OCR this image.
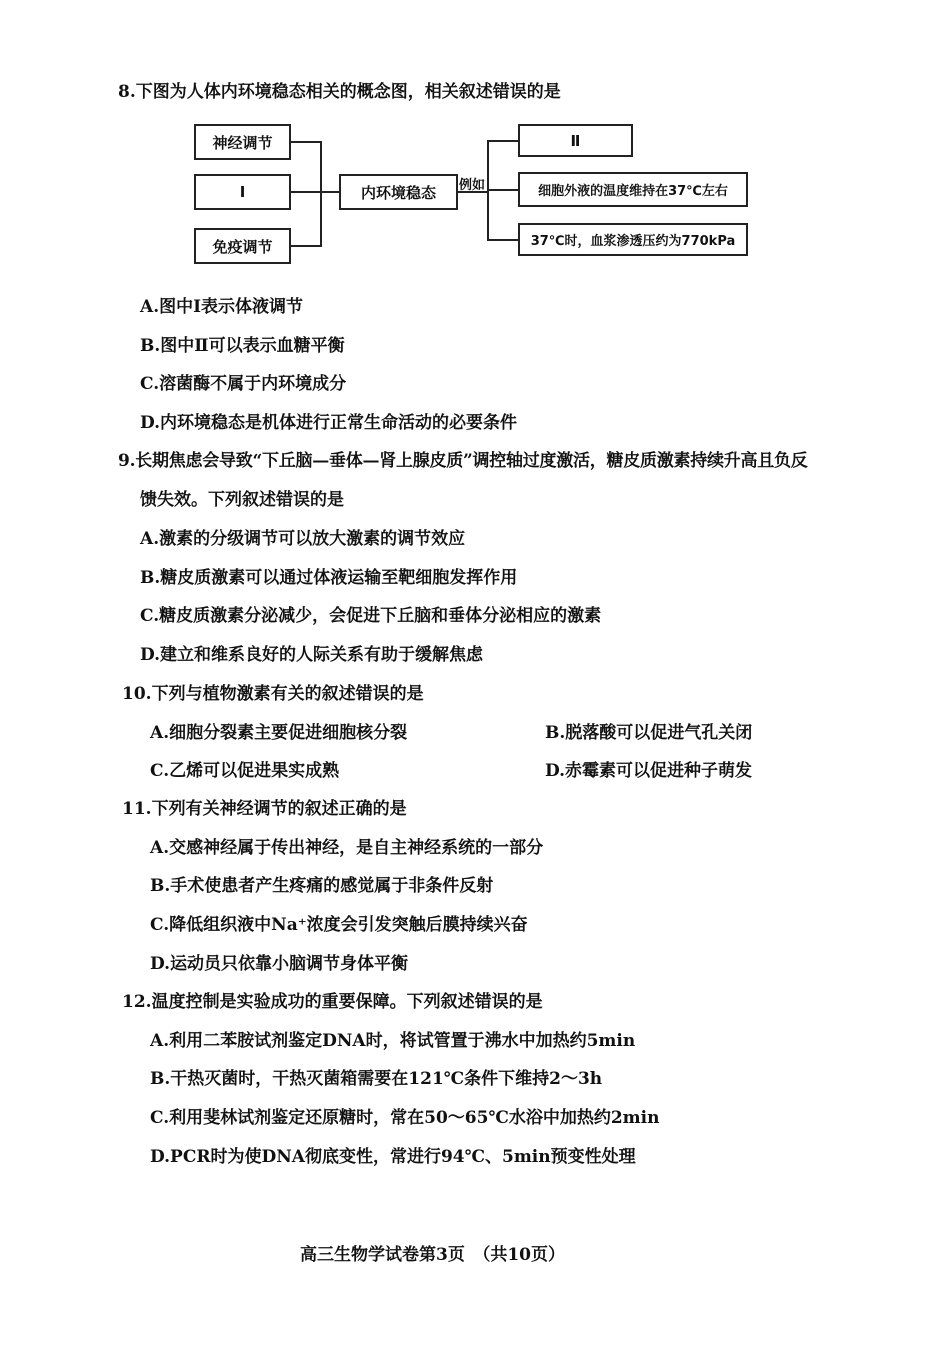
8.下图为人体内环境稳态相关的概念图，相关叙述错误的是
神经调节
Ⅰ
免疫调节
内环境稳态	例如
Ⅱ
细胞外液的温度维持在37℃左右
37℃时，血浆渗透压约为770kPa
A.图中Ⅰ表示体液调节
B.图中Ⅱ可以表示血糖平衡
C.溶菌酶不属于内环境成分
D.内环境稳态是机体进行正常生命活动的必要条件
9.长期焦虑会导致“下丘脑—垂体—肾上腺皮质”调控轴过度激活，糖皮质激素持续升高且负反
馈失效。下列叙述错误的是
A.激素的分级调节可以放大激素的调节效应
B.糖皮质激素可以通过体液运输至靶细胞发挥作用
C.糖皮质激素分泌减少，会促进下丘脑和垂体分泌相应的激素
D.建立和维系良好的人际关系有助于缓解焦虑
10.下列与植物激素有关的叙述错误的是
A.细胞分裂素主要促进细胞核分裂	B.脱落酸可以促进气孔关闭
C.乙烯可以促进果实成熟	D.赤霉素可以促进种子萌发
11.下列有关神经调节的叙述正确的是
A.交感神经属于传出神经，是自主神经系统的一部分
B.手术使患者产生疼痛的感觉属于非条件反射
C.降低组织液中Na⁺浓度会引发突触后膜持续兴奋
D.运动员只依靠小脑调节身体平衡
12.温度控制是实验成功的重要保障。下列叙述错误的是
A.利用二苯胺试剂鉴定DNA时，将试管置于沸水中加热约5min
B.干热灭菌时，干热灭菌箱需要在121℃条件下维持2～3h
C.利用斐林试剂鉴定还原糖时，常在50～65℃水浴中加热约2min
D.PCR时为使DNA彻底变性，常进行94℃、5min预变性处理
高三生物学试卷第3页　（共10页）
